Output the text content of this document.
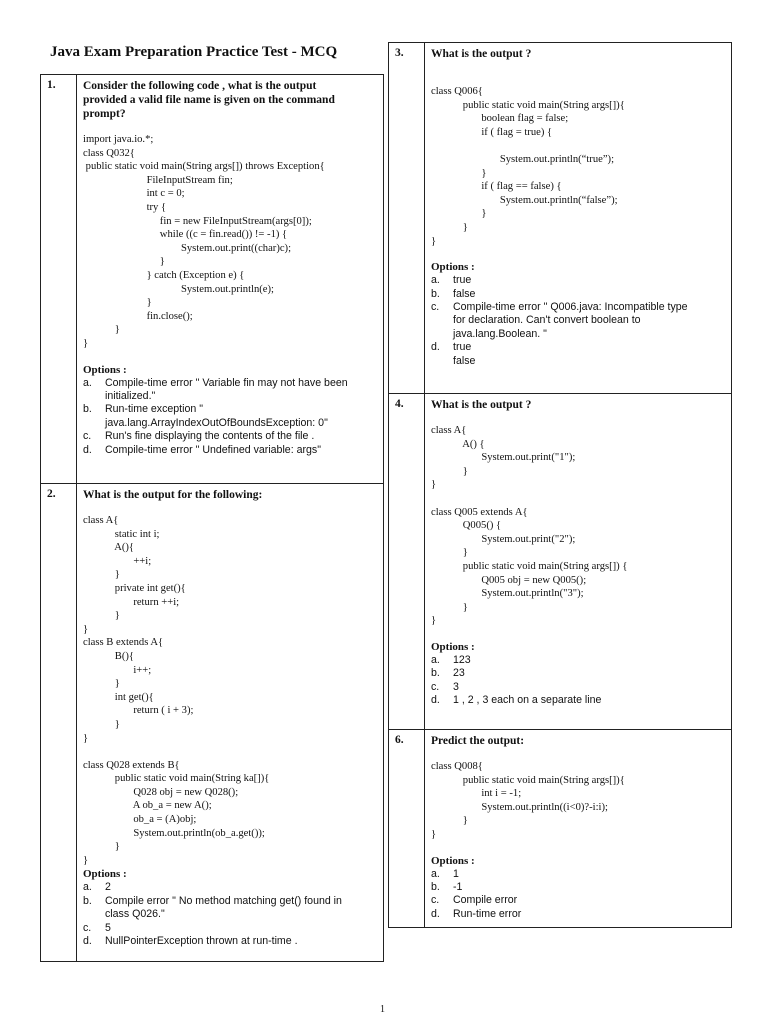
Java Exam Preparation Practice Test - MCQ
1.	Consider the following code , what is the output
provided a valid file name is given on the command
prompt?
import java.io.*;
class Q032{
public static void main(String args[]) throws Exception{
FileInputStream fin;
int c = 0;
try {
fin = new FileInputStream(args[0]);
while ((c = fin.read()) != -1) {
System.out.print((char)c);
}
} catch (Exception e) {
System.out.println(e);
}
fin.close();
}
}
Options :
a.	Compile-time error " Variable fin may not have been
initialized."
b.	Run-time exception "
java.lang.ArrayIndexOutOfBoundsException: 0"
c.	Run's fine displaying the contents of the file .
d.	Compile-time error " Undefined variable: args"
2.	What is the output for the following:
class A{
static int i;
A(){
++i;
}
private int get(){
return ++i;
}
}
class B extends A{
B(){
i++;
}
int get(){
return ( i + 3);
}
}

class Q028 extends B{
public static void main(String ka[]){
Q028 obj = new Q028();
A ob_a = new A();
ob_a = (A)obj;
System.out.println(ob_a.get());
}
}
Options :
a.	2
b.	Compile error " No method matching get() found in
class Q026."
c.	5
d.	NullPointerException thrown at run-time .
3.	What is the output ?
class Q006{
public static void main(String args[]){
boolean flag = false;
if ( flag = true) {

System.out.println(“true”);
}
if ( flag == false) {
System.out.println(“false”);
}
}
}
Options :
a.	true
b.	false
c.	Compile-time error " Q006.java: Incompatible type
for declaration. Can't convert boolean to
java.lang.Boolean. "
d.	true
false
4.	What is the output ?
class A{
A() {
System.out.print("1");
}
}

class Q005 extends A{
Q005() {
System.out.print("2");
}
public static void main(String args[]) {
Q005 obj = new Q005();
System.out.println("3");
}
}
Options :
a.	123
b.	23
c.	3
d.	1 , 2 , 3 each on a separate line
6.	Predict the output:
class Q008{
public static void main(String args[]){
int i = -1;
System.out.println((i<0)?-i:i);
}
}
Options :
a.	1
b.	-1
c.	Compile error
d.	Run-time error
1
